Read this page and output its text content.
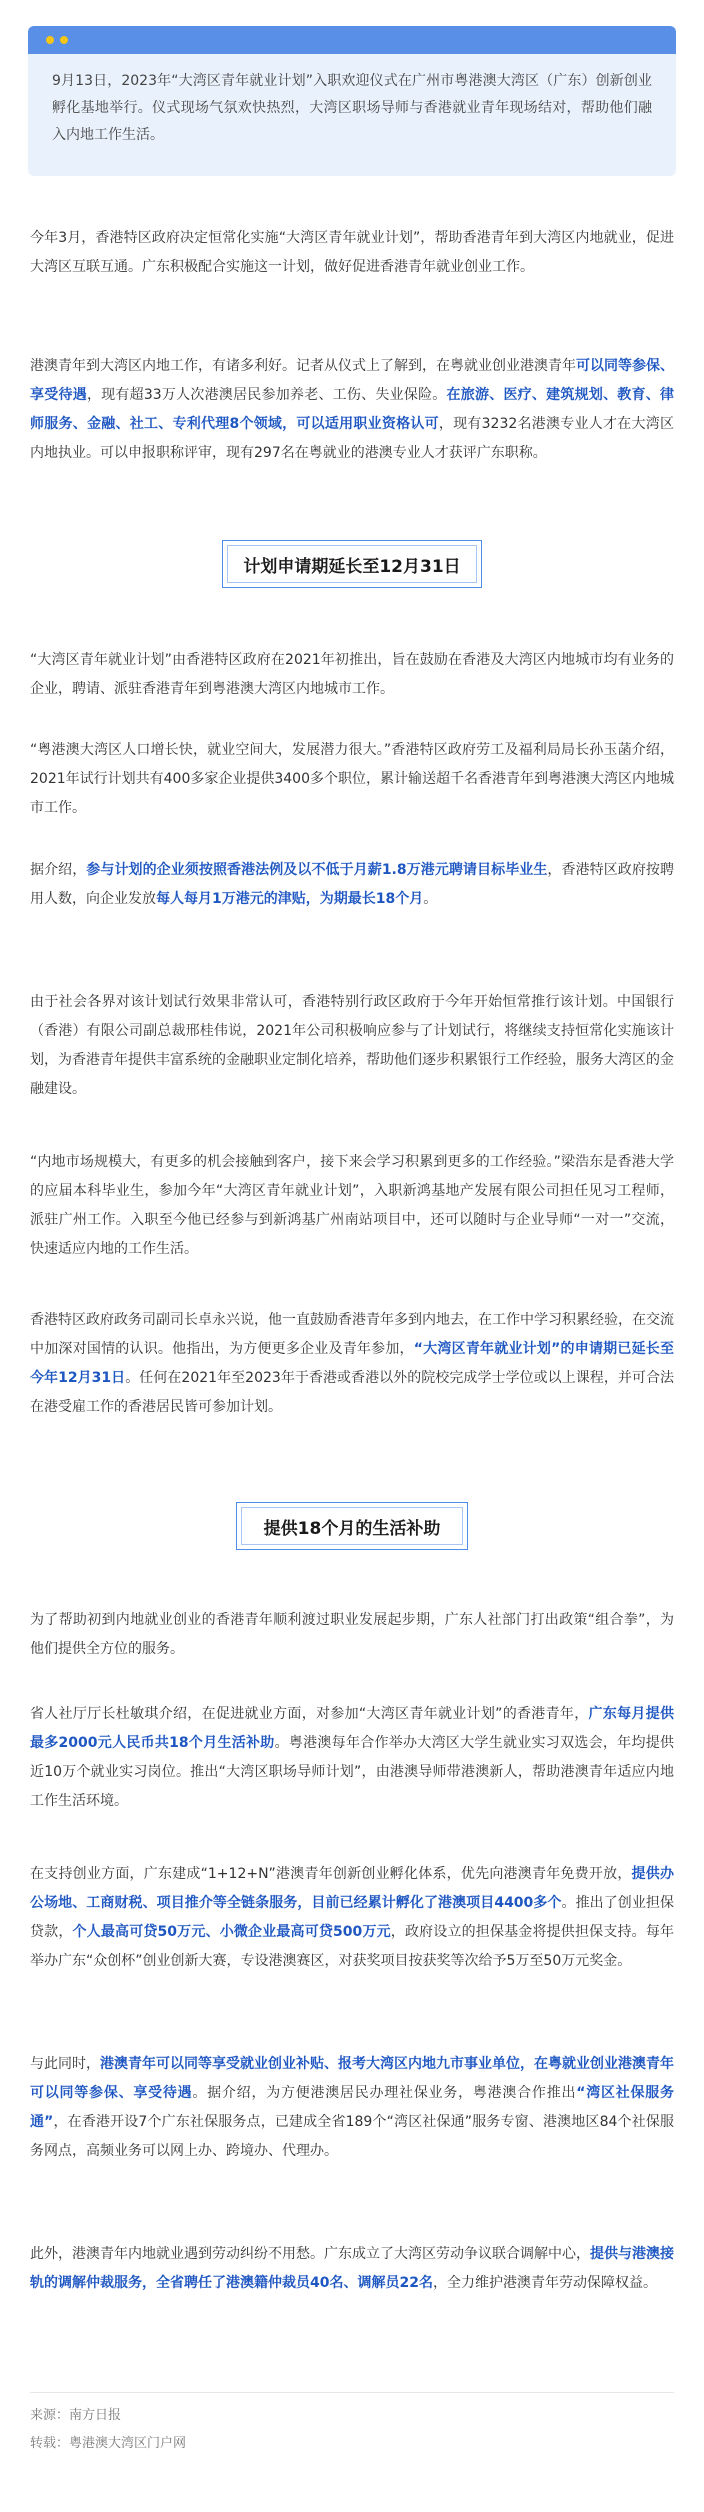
9月13日，2023年“大湾区青年就业计划”入职欢迎仪式在广州市粤港澳大湾区（广东）创新创业孵化基地举行。仪式现场气氛欢快热烈，大湾区职场导师与香港就业青年现场结对，帮助他们融入内地工作生活。
今年3月，香港特区政府决定恒常化实施“大湾区青年就业计划”，帮助香港青年到大湾区内地就业，促进大湾区互联互通。广东积极配合实施这一计划，做好促进香港青年就业创业工作。
港澳青年到大湾区内地工作，有诸多利好。记者从仪式上了解到，在粤就业创业港澳青年可以同等参保、享受待遇，现有超33万人次港澳居民参加养老、工伤、失业保险。在旅游、医疗、建筑规划、教育、律师服务、金融、社工、专利代理8个领域，可以适用职业资格认可，现有3232名港澳专业人才在大湾区内地执业。可以申报职称评审，现有297名在粤就业的港澳专业人才获评广东职称。
计划申请期延长至12月31日
“大湾区青年就业计划”由香港特区政府在2021年初推出，旨在鼓励在香港及大湾区内地城市均有业务的企业，聘请、派驻香港青年到粤港澳大湾区内地城市工作。
“粤港澳大湾区人口增长快，就业空间大，发展潜力很大。”香港特区政府劳工及福利局局长孙玉菡介绍，2021年试行计划共有400多家企业提供3400多个职位，累计输送超千名香港青年到粤港澳大湾区内地城市工作。
据介绍，参与计划的企业须按照香港法例及以不低于月薪1.8万港元聘请目标毕业生，香港特区政府按聘用人数，向企业发放每人每月1万港元的津贴，为期最长18个月。
由于社会各界对该计划试行效果非常认可，香港特别行政区政府于今年开始恒常推行该计划。中国银行（香港）有限公司副总裁邢桂伟说，2021年公司积极响应参与了计划试行，将继续支持恒常化实施该计划，为香港青年提供丰富系统的金融职业定制化培养，帮助他们逐步积累银行工作经验，服务大湾区的金融建设。
“内地市场规模大，有更多的机会接触到客户，接下来会学习积累到更多的工作经验。”梁浩东是香港大学的应届本科毕业生，参加今年“大湾区青年就业计划”，入职新鸿基地产发展有限公司担任见习工程师，派驻广州工作。入职至今他已经参与到新鸿基广州南站项目中，还可以随时与企业导师“一对一”交流，快速适应内地的工作生活。
香港特区政府政务司副司长卓永兴说，他一直鼓励香港青年多到内地去，在工作中学习积累经验，在交流中加深对国情的认识。他指出，为方便更多企业及青年参加，“大湾区青年就业计划”的申请期已延长至今年12月31日。任何在2021年至2023年于香港或香港以外的院校完成学士学位或以上课程，并可合法在港受雇工作的香港居民皆可参加计划。
提供18个月的生活补助
为了帮助初到内地就业创业的香港青年顺利渡过职业发展起步期，广东人社部门打出政策“组合拳”，为他们提供全方位的服务。
省人社厅厅长杜敏琪介绍，在促进就业方面，对参加“大湾区青年就业计划”的香港青年，广东每月提供最多2000元人民币共18个月生活补助。粤港澳每年合作举办大湾区大学生就业实习双选会，年均提供近10万个就业实习岗位。推出“大湾区职场导师计划”，由港澳导师带港澳新人，帮助港澳青年适应内地工作生活环境。
在支持创业方面，广东建成“1+12+N”港澳青年创新创业孵化体系，优先向港澳青年免费开放，提供办公场地、工商财税、项目推介等全链条服务，目前已经累计孵化了港澳项目4400多个。推出了创业担保贷款，个人最高可贷50万元、小微企业最高可贷500万元，政府设立的担保基金将提供担保支持。每年举办广东“众创杯”创业创新大赛，专设港澳赛区，对获奖项目按获奖等次给予5万至50万元奖金。
与此同时，港澳青年可以同等享受就业创业补贴、报考大湾区内地九市事业单位，在粤就业创业港澳青年可以同等参保、享受待遇。据介绍，为方便港澳居民办理社保业务，粤港澳合作推出“湾区社保服务通”，在香港开设7个广东社保服务点，已建成全省189个“湾区社保通”服务专窗、港澳地区84个社保服务网点，高频业务可以网上办、跨境办、代理办。
此外，港澳青年内地就业遇到劳动纠纷不用愁。广东成立了大湾区劳动争议联合调解中心，提供与港澳接轨的调解仲裁服务，全省聘任了港澳籍仲裁员40名、调解员22名，全力维护港澳青年劳动保障权益。
来源：南方日报
转载：粤港澳大湾区门户网
